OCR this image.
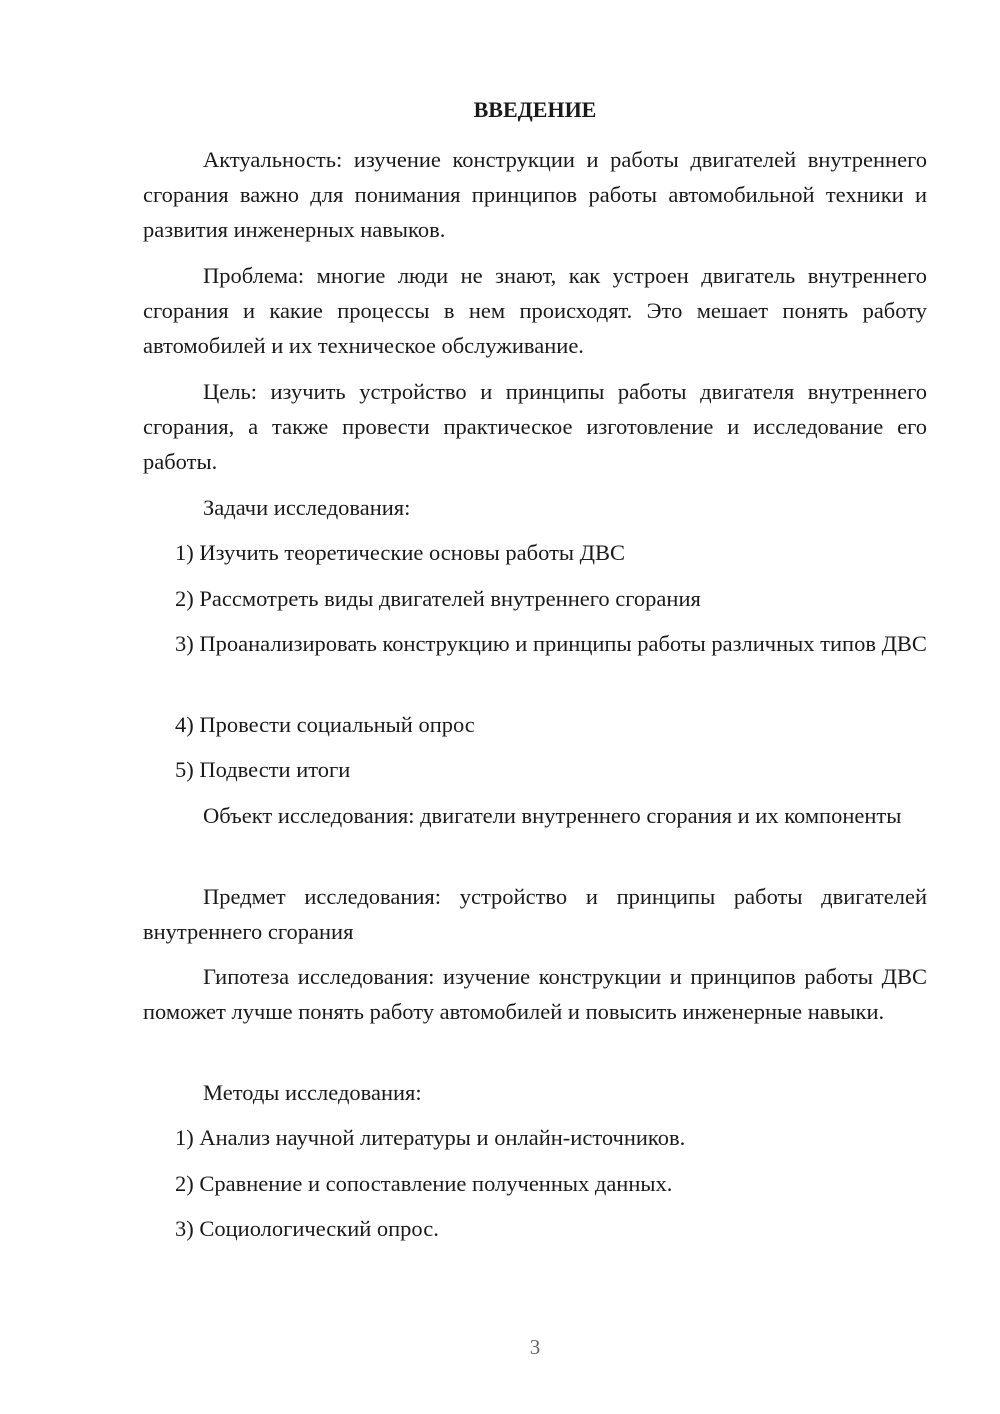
ВВЕДЕНИЕ

Актуальность: изучение конструкции и работы двигателей внутреннего сгорания важно для понимания принципов работы автомобильной техники и развития инженерных навыков.

Проблема: многие люди не знают, как устроен двигатель внутреннего сгорания и какие процессы в нем происходят. Это мешает понять работу автомобилей и их техническое обслуживание.

Цель: изучить устройство и принципы работы двигателя внутреннего сгорания, а также провести практическое изготовление и исследование его работы.

Задачи исследования:

1) Изучить теоретические основы работы ДВС

2) Рассмотреть виды двигателей внутреннего сгорания

3) Проанализировать конструкцию и принципы работы различных типов ДВС

4) Провести социальный опрос

5) Подвести итоги

Объект исследования: двигатели внутреннего сгорания и их компоненты

Предмет исследования: устройство и принципы работы двигателей внутреннего сгорания

Гипотеза исследования: изучение конструкции и принципов работы ДВС поможет лучше понять работу автомобилей и повысить инженерные навыки.

Методы исследования:

1) Анализ научной литературы и онлайн-источников.

2) Сравнение и сопоставление полученных данных.

3) Социологический опрос.

3
